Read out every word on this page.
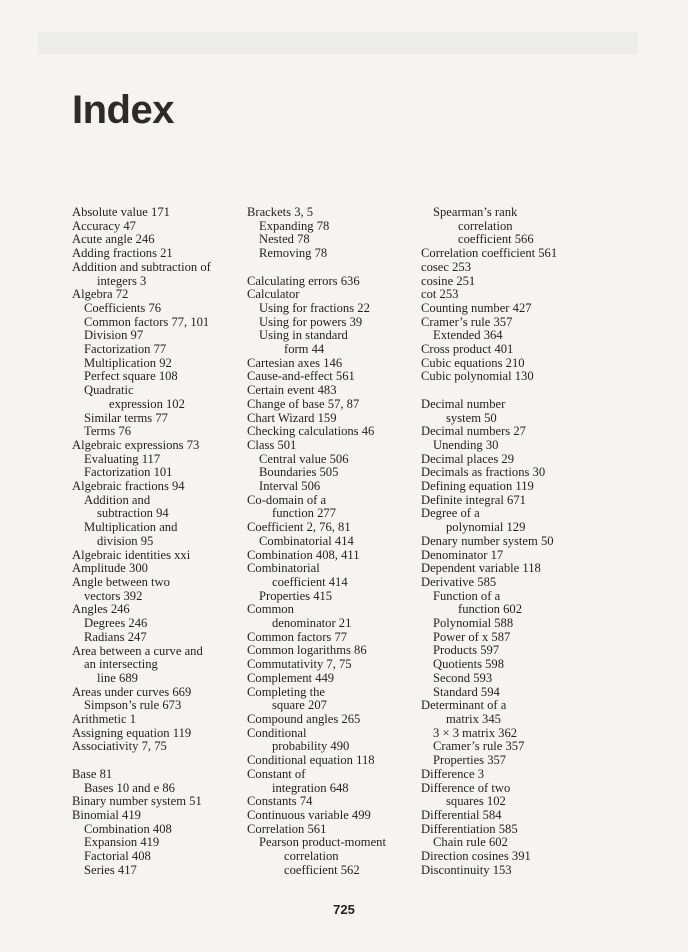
Index
Absolute value 171
Accuracy 47
Acute angle 246
Adding fractions 21
Addition and subtraction of
integers 3
Algebra 72
Coefficients 76
Common factors 77, 101
Division 97
Factorization 77
Multiplication 92
Perfect square 108
Quadratic
expression 102
Similar terms 77
Terms 76
Algebraic expressions 73
Evaluating 117
Factorization 101
Algebraic fractions 94
Addition and
subtraction 94
Multiplication and
division 95
Algebraic identities xxi
Amplitude 300
Angle between two
vectors 392
Angles 246
Degrees 246
Radians 247
Area between a curve and
an intersecting
line 689
Areas under curves 669
Simpson’s rule 673
Arithmetic 1
Assigning equation 119
Associativity 7, 75
Base 81
Bases 10 and e 86
Binary number system 51
Binomial 419
Combination 408
Expansion 419
Factorial 408
Series 417
Brackets 3, 5
Expanding 78
Nested 78
Removing 78
Calculating errors 636
Calculator
Using for fractions 22
Using for powers 39
Using in standard
form 44
Cartesian axes 146
Cause-and-effect 561
Certain event 483
Change of base 57, 87
Chart Wizard 159
Checking calculations 46
Class 501
Central value 506
Boundaries 505
Interval 506
Co-domain of a
function 277
Coefficient 2, 76, 81
Combinatorial 414
Combination 408, 411
Combinatorial
coefficient 414
Properties 415
Common
denominator 21
Common factors 77
Common logarithms 86
Commutativity 7, 75
Complement 449
Completing the
square 207
Compound angles 265
Conditional
probability 490
Conditional equation 118
Constant of
integration 648
Constants 74
Continuous variable 499
Correlation 561
Pearson product-moment
correlation
coefficient 562
Spearman’s rank
correlation
coefficient 566
Correlation coefficient 561
cosec 253
cosine 251
cot 253
Counting number 427
Cramer’s rule 357
Extended 364
Cross product 401
Cubic equations 210
Cubic polynomial 130
Decimal number
system 50
Decimal numbers 27
Unending 30
Decimal places 29
Decimals as fractions 30
Defining equation 119
Definite integral 671
Degree of a
polynomial 129
Denary number system 50
Denominator 17
Dependent variable 118
Derivative 585
Function of a
function 602
Polynomial 588
Power of x 587
Products 597
Quotients 598
Second 593
Standard 594
Determinant of a
matrix 345
3 × 3 matrix 362
Cramer’s rule 357
Properties 357
Difference 3
Difference of two
squares 102
Differential 584
Differentiation 585
Chain rule 602
Direction cosines 391
Discontinuity 153
725
